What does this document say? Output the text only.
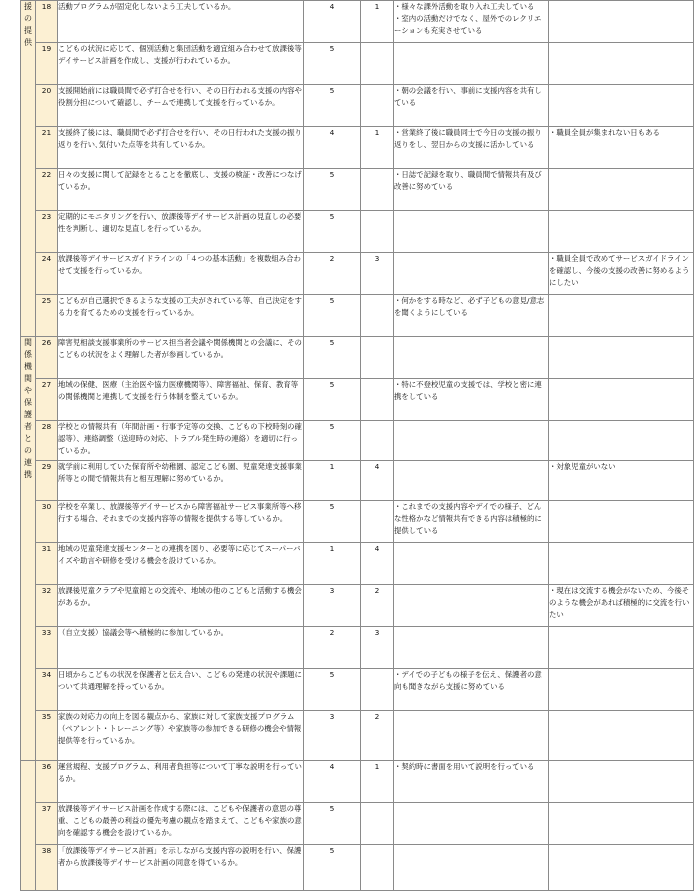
援の提供	18	活動プログラムが固定化しないよう工夫しているか。	4	1	・様々な課外活動を取り入れ工夫している
・室内の活動だけでなく、屋外でのレクリエーションも充実させている	

	19	こどもの状況に応じて、個別活動と集団活動を適宜組み合わせて放課後等デイサービス計画を作成し、支援が行われているか。	5			
	20	支援開始前には職員間で必ず打合せを行い、その日行われる支援の内容や役割分担について確認し、チームで連携して支援を行っているか。	5		・朝の会議を行い、事前に支援内容を共有している	

	21	支援終了後には、職員間で必ず打合せを行い、その日行われた支援の振り返りを行い､気付いた点等を共有しているか。	4	1	・営業終了後に職員同士で今日の支援の振り返りをし、翌日からの支援に活かしている	・職員全員が集まれない日もある

	22	日々の支援に関して記録をとることを徹底し、支援の検証・改善につなげているか。	5		・日誌で記録を取り、職員間で情報共有及び改善に努めている	

	23	定期的にモニタリングを行い、放課後等デイサービス計画の見直しの必要性を判断し、適切な見直しを行っているか。	5			
	24	放課後等デイサービスガイドラインの「４つの基本活動」を複数組み合わせて支援を行っているか。	2	3		・職員全員で改めてサービスガイドラインを確認し、今後の支援の改善に努めるようにしたい

	25	こどもが自己選択できるような支援の工夫がされている等、自己決定をする力を育てるための支援を行っているか。	5		・何かをする時など、必ず子どもの意見/意志を聞くようにしている	

関係機関や保護者との連携	26	障害児相談支援事業所のサービス担当者会議や関係機関との会議に、そのこどもの状況をよく理解した者が参画しているか。	5			
	27	地域の保健、医療（主治医や協力医療機関等）、障害福祉、保育、教育等の関係機関と連携して支援を行う体制を整えているか。	5		・特に不登校児童の支援では、学校と密に連携をしている	

	28	学校との情報共有（年間計画・行事予定等の交換、こどもの下校時刻の確認等）、連絡調整（送迎時の対応、トラブル発生時の連絡）を適切に行っているか。	5			
	29	就学前に利用していた保育所や幼稚園、認定こども園、児童発達支援事業所等との間で情報共有と相互理解に努めているか。	1	4		・対象児童がいない

	30	学校を卒業し、放課後等デイサービスから障害福祉サービス事業所等へ移行する場合、それまでの支援内容等の情報を提供する等しているか。	5		・これまでの支援内容やデイでの様子、どんな性格かなど情報共有できる内容は積極的に提供している	

	31	地域の児童発達支援センターとの連携を図り、必要等に応じてスーパーバイズや助言や研修を受ける機会を設けているか。	1	4		
	32	放課後児童クラブや児童館との交流や、地域の他のこどもと活動する機会があるか。	3	2		・現在は交流する機会がないため、今後そのような機会があれば積極的に交流を行いたい

	33	（自立支援）協議会等へ積極的に参加しているか。	2	3		
	34	日頃からこどもの状況を保護者と伝え合い、こどもの発達の状況や課題について共通理解を持っているか。	5		・デイでの子どもの様子を伝え、保護者の意向も聞きながら支援に努めている	

	35	家族の対応力の向上を図る観点から、家族に対して家族支援プログラム（ペアレント・トレーニング等）や家族等の参加できる研修の機会や情報提供等を行っているか。	3	2		
	36	運営規程、支援プログラム、利用者負担等について丁寧な説明を行っているか。	4	1	・契約時に書面を用いて説明を行っている	

	37	放課後等デイサービス計画を作成する際には、こどもや保護者の意思の尊重、こどもの最善の利益の優先考慮の観点を踏まえて、こどもや家族の意向を確認する機会を設けているか。	5			
	38	「放課後等デイサービス計画」を示しながら支援内容の説明を行い、保護者から放課後等デイサービス計画の同意を得ているか。	5			
